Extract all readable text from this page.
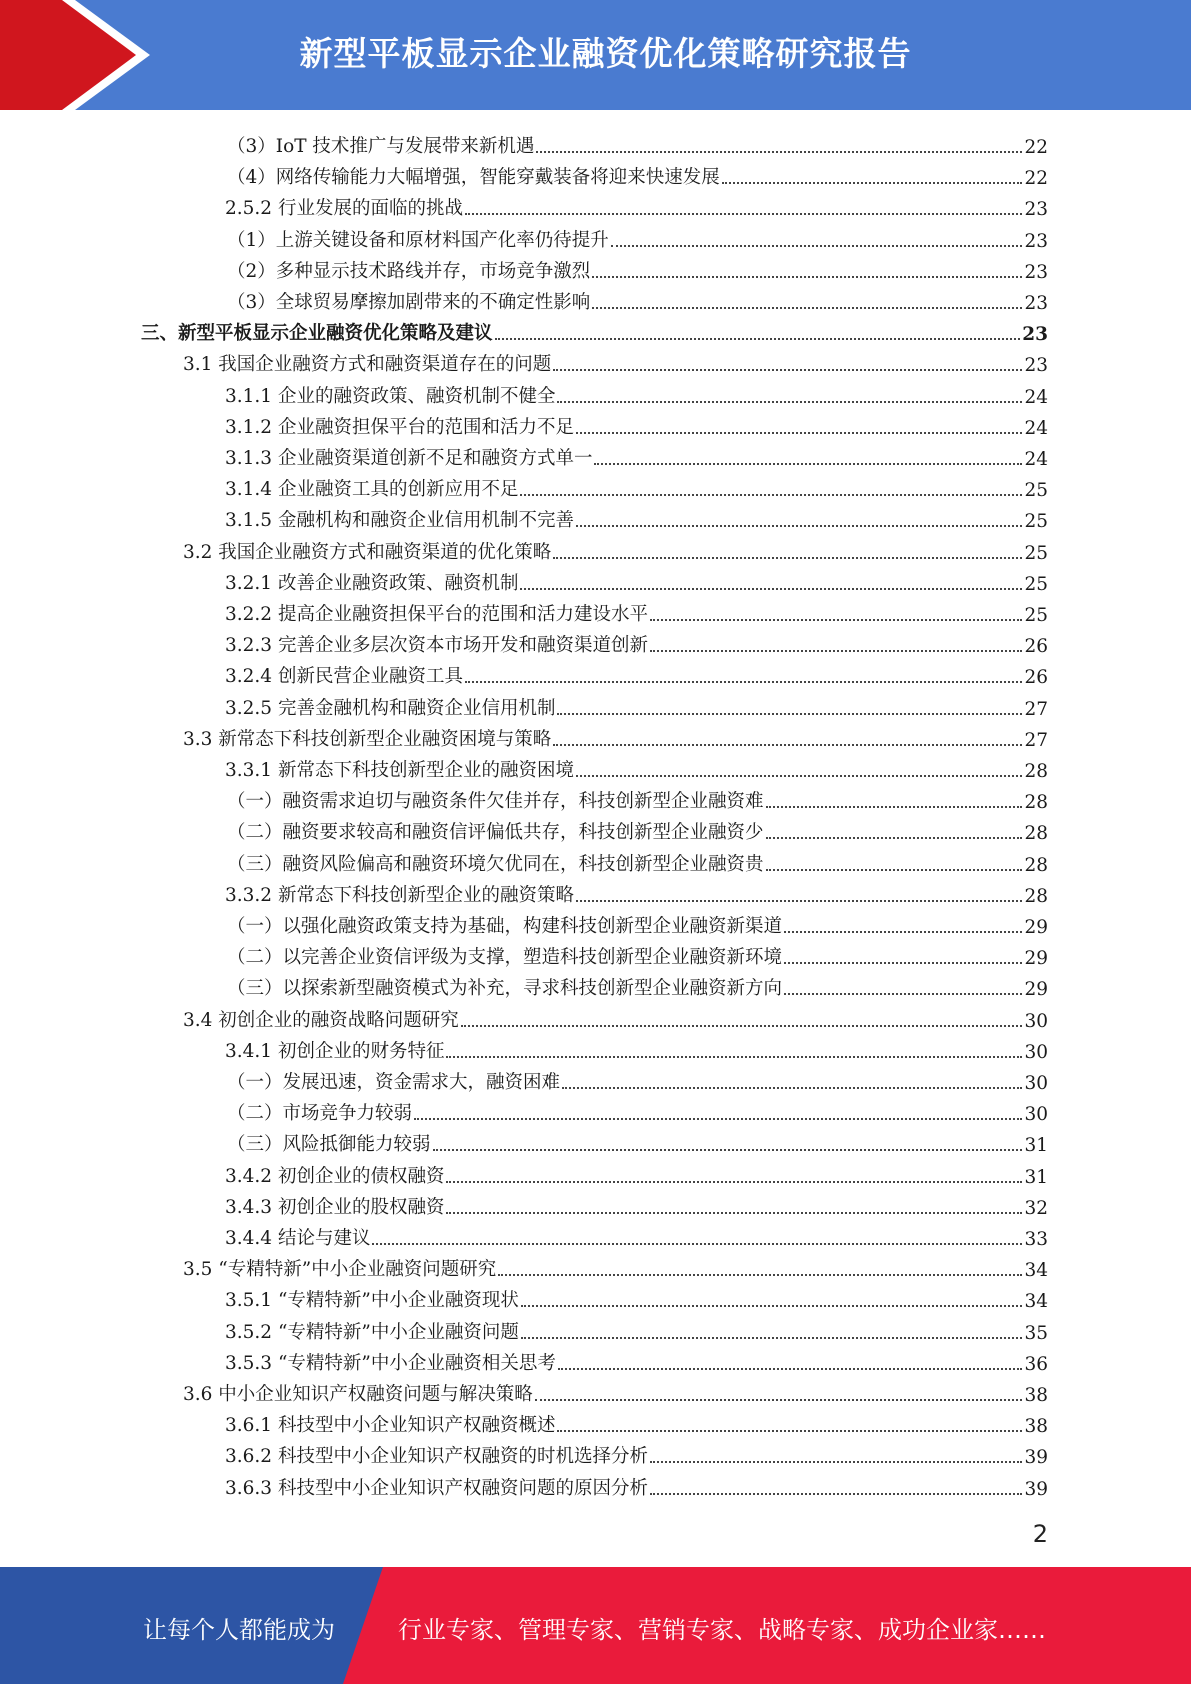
新型平板显示企业融资优化策略研究报告
（3）IoT 技术推广与发展带来新机遇	22
（4）网络传输能力大幅增强，智能穿戴装备将迎来快速发展	22
2.5.2 行业发展的面临的挑战	23
（1）上游关键设备和原材料国产化率仍待提升	23
（2）多种显示技术路线并存，市场竞争激烈	23
（3）全球贸易摩擦加剧带来的不确定性影响	23
三、新型平板显示企业融资优化策略及建议	23
3.1 我国企业融资方式和融资渠道存在的问题	23
3.1.1 企业的融资政策、融资机制不健全	24
3.1.2 企业融资担保平台的范围和活力不足	24
3.1.3 企业融资渠道创新不足和融资方式单一	24
3.1.4 企业融资工具的创新应用不足	25
3.1.5 金融机构和融资企业信用机制不完善	25
3.2 我国企业融资方式和融资渠道的优化策略	25
3.2.1 改善企业融资政策、融资机制	25
3.2.2 提高企业融资担保平台的范围和活力建设水平	25
3.2.3 完善企业多层次资本市场开发和融资渠道创新	26
3.2.4 创新民营企业融资工具	26
3.2.5 完善金融机构和融资企业信用机制	27
3.3 新常态下科技创新型企业融资困境与策略	27
3.3.1 新常态下科技创新型企业的融资困境	28
（一）融资需求迫切与融资条件欠佳并存，科技创新型企业融资难	28
（二）融资要求较高和融资信评偏低共存，科技创新型企业融资少	28
（三）融资风险偏高和融资环境欠优同在，科技创新型企业融资贵	28
3.3.2 新常态下科技创新型企业的融资策略	28
（一）以强化融资政策支持为基础，构建科技创新型企业融资新渠道	29
（二）以完善企业资信评级为支撑，塑造科技创新型企业融资新环境	29
（三）以探索新型融资模式为补充，寻求科技创新型企业融资新方向	29
3.4 初创企业的融资战略问题研究	30
3.4.1 初创企业的财务特征	30
（一）发展迅速，资金需求大，融资困难	30
（二）市场竞争力较弱	30
（三）风险抵御能力较弱	31
3.4.2 初创企业的债权融资	31
3.4.3 初创企业的股权融资	32
3.4.4 结论与建议	33
3.5 “专精特新”中小企业融资问题研究	34
3.5.1 “专精特新”中小企业融资现状	34
3.5.2 “专精特新”中小企业融资问题	35
3.5.3 “专精特新”中小企业融资相关思考	36
3.6 中小企业知识产权融资问题与解决策略	38
3.6.1 科技型中小企业知识产权融资概述	38
3.6.2 科技型中小企业知识产权融资的时机选择分析	39
3.6.3 科技型中小企业知识产权融资问题的原因分析	39
2
让每个人都能成为	行业专家、管理专家、营销专家、战略专家、成功企业家……
